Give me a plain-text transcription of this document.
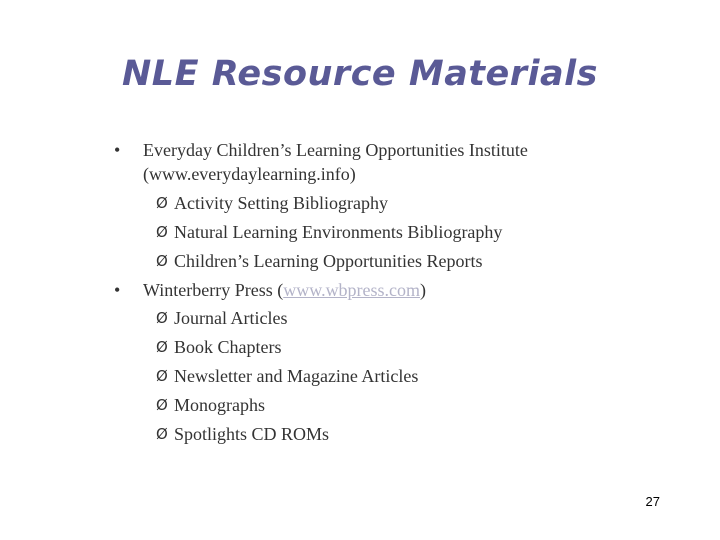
NLE Resource Materials
• Everyday Children’s Learning Opportunities Institute
(www.everydaylearning.info)
Ø Activity Setting Bibliography
Ø Natural Learning Environments Bibliography
Ø Children’s Learning Opportunities Reports
• Winterberry Press (www.wbpress.com)
Ø Journal Articles
Ø Book Chapters
Ø Newsletter and Magazine Articles
Ø Monographs
Ø Spotlights CD ROMs
27
